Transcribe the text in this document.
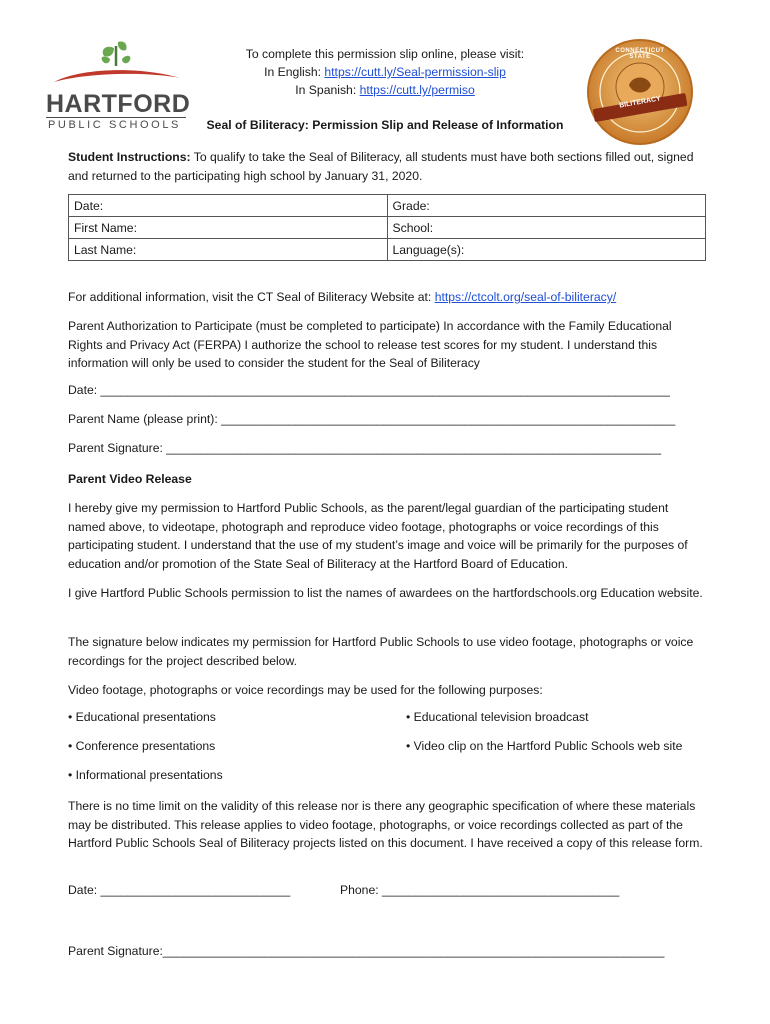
HARTFORD
PUBLIC SCHOOLS
To complete this permission slip online, please visit:
In English: https://cutt.ly/Seal-permission-slip
In Spanish: https://cutt.ly/permiso
CONNECTICUT STATE
BILITERACY
Seal of Biliteracy: Permission Slip and Release of Information
Student Instructions: To qualify to take the Seal of Biliteracy, all students must have both sections filled out, signed and returned to the participating high school by January 31, 2020.
Date:	Grade:
First Name:	School:
Last Name:	Language(s):
For additional information, visit the CT Seal of Biliteracy Website at: https://ctcolt.org/seal-of-biliteracy/
Parent Authorization to Participate (must be completed to participate) In accordance with the Family Educational Rights and Privacy Act (FERPA) I authorize the school to release test scores for my student. I understand this information will only be used to consider the student for the Seal of Biliteracy
Date: ____________________________________________________________________________________
Parent Name (please print): ___________________________________________________________________
Parent Signature: _________________________________________________________________________
Parent Video Release
I hereby give my permission to Hartford Public Schools, as the parent/legal guardian of the participating student named above, to videotape, photograph and reproduce video footage, photographs or voice recordings of this participating student. I understand that the use of my student’s image and voice will be primarily for the purposes of education and/or promotion of the State Seal of Biliteracy at the Hartford Board of Education.
I give Hartford Public Schools permission to list the names of awardees on the hartfordschools.org Education website.
The signature below indicates my permission for Hartford Public Schools to use video footage, photographs or voice recordings for the project described below.
Video footage, photographs or voice recordings may be used for the following purposes:
• Educational presentations	• Educational television broadcast
• Conference presentations	• Video clip on the Hartford Public Schools web site
• Informational presentations
There is no time limit on the validity of this release nor is there any geographic specification of where these materials may be distributed. This release applies to video footage, photographs, or voice recordings collected as part of the Hartford Public Schools Seal of Biliteracy projects listed on this document. I have received a copy of this release form.
Date: ____________________________	Phone: ___________________________________
Parent Signature:__________________________________________________________________________
